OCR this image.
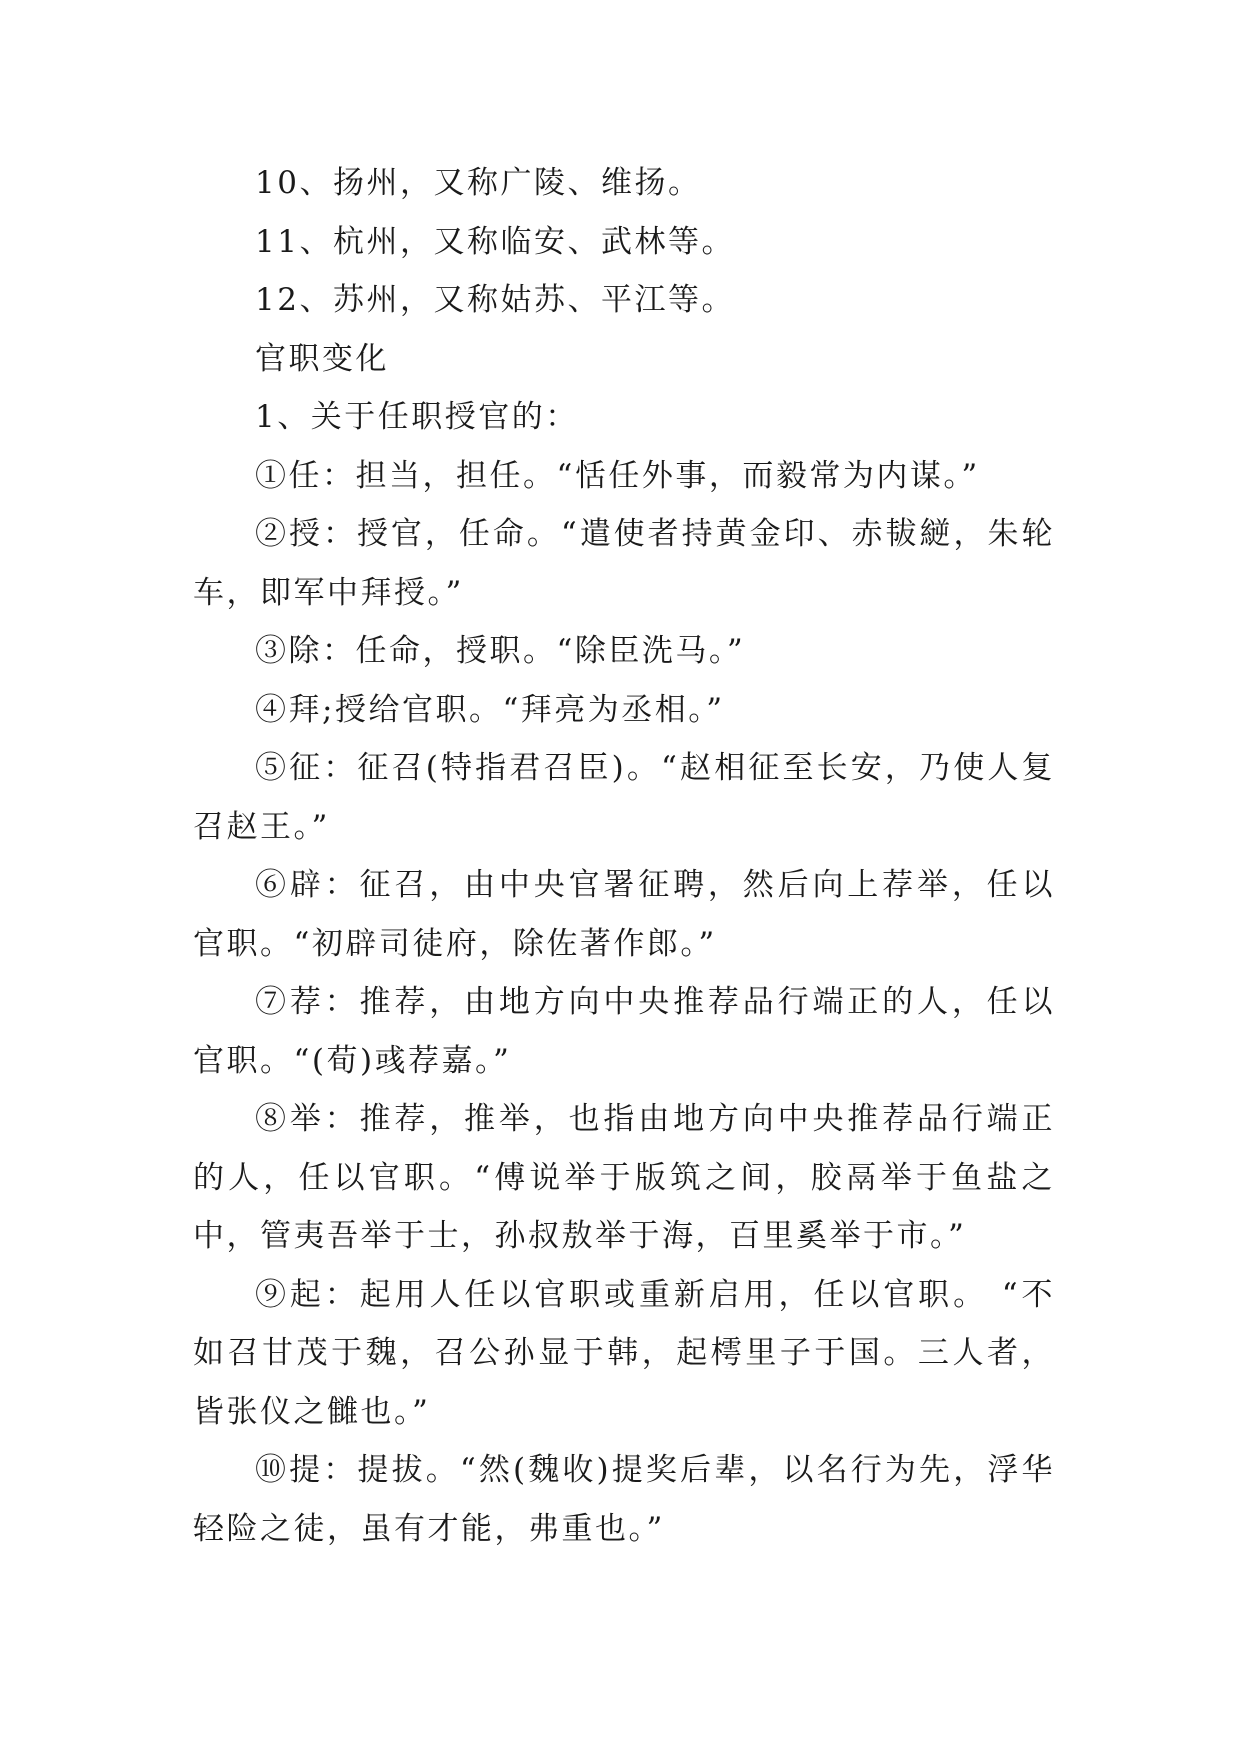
10、扬州，又称广陵、维扬。

11、杭州，又称临安、武林等。

12、苏州，又称姑苏、平江等。

官职变化

1、关于任职授官的：

①任：担当，担任。“恬任外事，而毅常为内谋。”

②授：授官，任命。“遣使者持黄金印、赤韨縌，朱轮车，即军中拜授。”

③除：任命，授职。“除臣洗马。”

④拜;授给官职。“拜亮为丞相。”

⑤征：征召(特指君召臣)。“赵相征至长安，乃使人复召赵王。”

⑥辟：征召，由中央官署征聘，然后向上荐举，任以官职。“初辟司徒府，除佐著作郎。”

⑦荐：推荐，由地方向中央推荐品行端正的人，任以官职。“(荀)彧荐嘉。”

⑧举：推荐，推举，也指由地方向中央推荐品行端正的人，任以官职。“傅说举于版筑之间，胶鬲举于鱼盐之中，管夷吾举于士，孙叔敖举于海，百里奚举于市。”

⑨起：起用人任以官职或重新启用，任以官职。 “不如召甘茂于魏，召公孙显于韩，起樗里子于国。三人者，皆张仪之雠也。”

⑩提：提拔。“然(魏收)提奖后辈，以名行为先，浮华轻险之徒，虽有才能，弗重也。”
